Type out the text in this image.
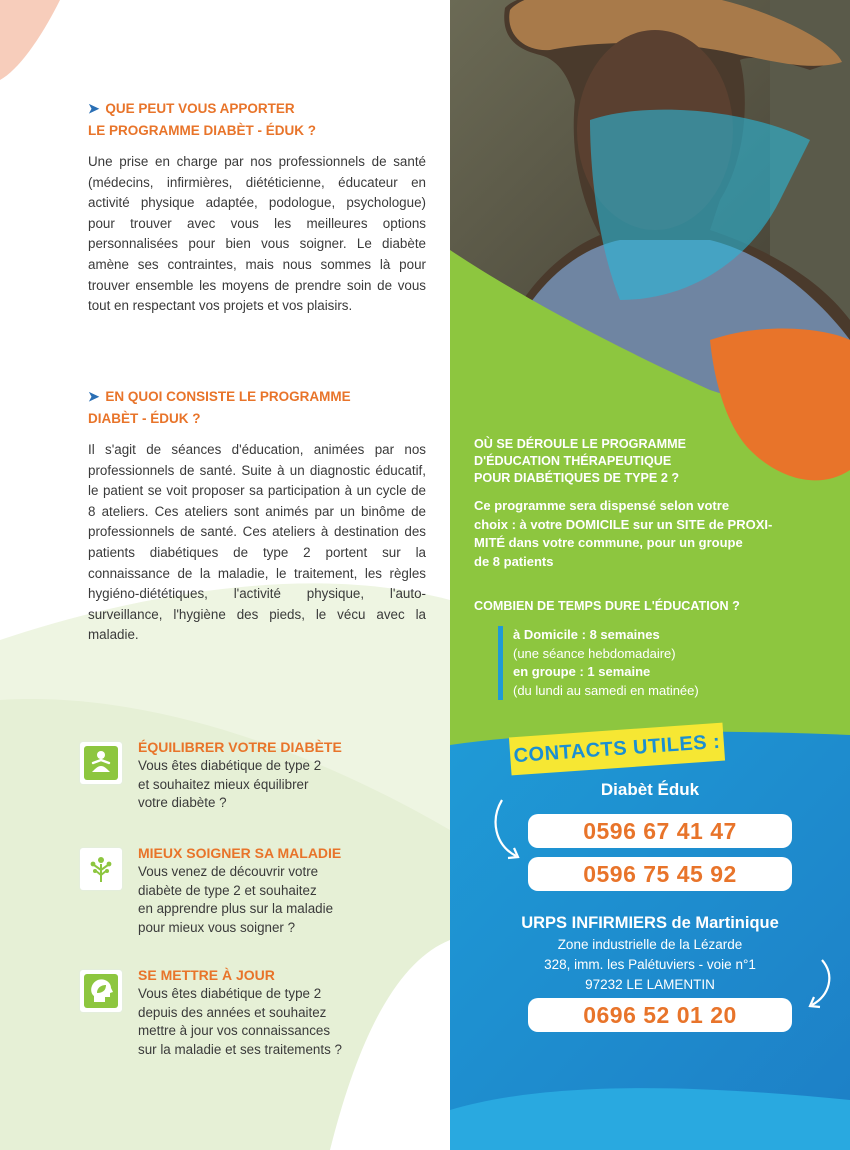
➤ QUE PEUT VOUS APPORTER
LE PROGRAMME DIABÈT - ÉDUK ?

Une prise en charge par nos professionnels de santé (médecins, infirmières, diététicienne, éducateur en activité physique adaptée, podologue, psychologue) pour trouver avec vous les meilleures options personnalisées pour bien vous soigner. Le diabète amène ses contraintes, mais nous sommes là pour trouver ensemble les moyens de prendre soin de vous tout en respectant vos projets et vos plaisirs.

➤ EN QUOI CONSISTE LE PROGRAMME
DIABÈT - ÉDUK ?

Il s'agit de séances d'éducation, animées par nos professionnels de santé. Suite à un diagnostic éducatif, le patient se voit proposer sa participation à un cycle de 8 ateliers. Ces ateliers sont animés par un binôme de professionnels de santé. Ces ateliers à destination des patients diabétiques de type 2 portent sur la connaissance de la maladie, le traitement, les règles hygiéno-diététiques, l'activité physique, l'auto-surveillance, l'hygiène des pieds, le vécu avec la maladie.

ÉQUILIBRER VOTRE DIABÈTE
Vous êtes diabétique de type 2
et souhaitez mieux équilibrer
votre diabète ?
MIEUX SOIGNER SA MALADIE
Vous venez de découvrir votre
diabète de type 2 et souhaitez
en apprendre plus sur la maladie
pour mieux vous soigner ?
SE METTRE À JOUR
Vous êtes diabétique de type 2
depuis des années et souhaitez
mettre à jour vos connaissances
sur la maladie et ses traitements ?
OÙ SE DÉROULE LE PROGRAMME
D'ÉDUCATION THÉRAPEUTIQUE
POUR DIABÉTIQUES DE TYPE 2 ?
Ce programme sera dispensé selon votre
choix : à votre DOMICILE sur un SITE de PROXI-
MITÉ dans votre commune, pour un groupe
de 8 patients
COMBIEN DE TEMPS DURE L'ÉDUCATION ?
à Domicile : 8 semaines
(une séance hebdomadaire)
en groupe : 1 semaine
(du lundi au samedi en matinée)
CONTACTS UTILES :
Diabèt Éduk
0596 67 41 47
0596 75 45 92
URPS INFIRMIERS de Martinique
Zone industrielle de la Lézarde
328, imm. les Palétuviers - voie n°1
97232 LE LAMENTIN
0696 52 01 20
